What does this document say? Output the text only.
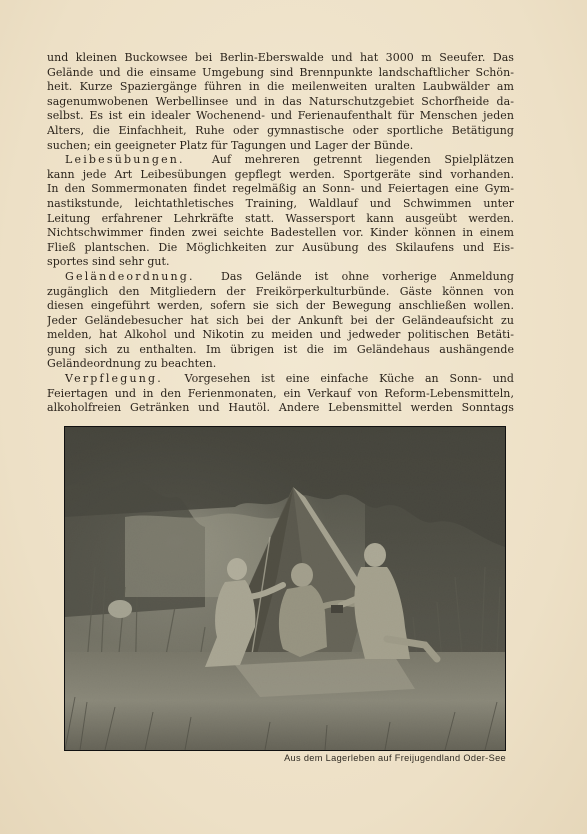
und kleinen Buckowsee bei Berlin-Eberswalde und hat 3000 m Seeufer. Das
Gelände und die einsame Umgebung sind Brennpunkte landschaftlicher Schön-
heit. Kurze Spaziergänge führen in die meilenweiten uralten Laubwälder am
sagenumwobenen Werbellinsee und in das Naturschutzgebiet Schorfheide da-
selbst. Es ist ein idealer Wochenend- und Ferienaufenthalt für Menschen jeden
Alters, die Einfachheit, Ruhe oder gymnastische oder sportliche Betätigung
suchen; ein geeigneter Platz für Tagungen und Lager der Bünde.
Leibesübungen. Auf mehreren getrennt liegenden Spielplätzen
kann jede Art Leibesübungen gepflegt werden. Sportgeräte sind vorhanden.
In den Sommermonaten findet regelmäßig an Sonn- und Feiertagen eine Gym-
nastikstunde, leichtathletisches Training, Waldlauf und Schwimmen unter
Leitung erfahrener Lehrkräfte statt. Wassersport kann ausgeübt werden.
Nichtschwimmer finden zwei seichte Badestellen vor. Kinder können in einem
Fließ plantschen. Die Möglichkeiten zur Ausübung des Skilaufens und Eis-
sportes sind sehr gut.
Geländeordnung. Das Gelände ist ohne vorherige Anmeldung
zugänglich den Mitgliedern der Freikörperkulturbünde. Gäste können von
diesen eingeführt werden, sofern sie sich der Bewegung anschließen wollen.
Jeder Geländebesucher hat sich bei der Ankunft bei der Geländeaufsicht zu
melden, hat Alkohol und Nikotin zu meiden und jedweder politischen Betäti-
gung sich zu enthalten. Im übrigen ist die im Geländehaus aushängende
Geländeordnung zu beachten.
Verpflegung. Vorgesehen ist eine einfache Küche an Sonn- und
Feiertagen und in den Ferienmonaten, ein Verkauf von Reform-Lebensmitteln,
alkoholfreien Getränken und Hautöl. Andere Lebensmittel werden Sonntags
Aus dem Lagerleben auf Freijugendland Oder-See
